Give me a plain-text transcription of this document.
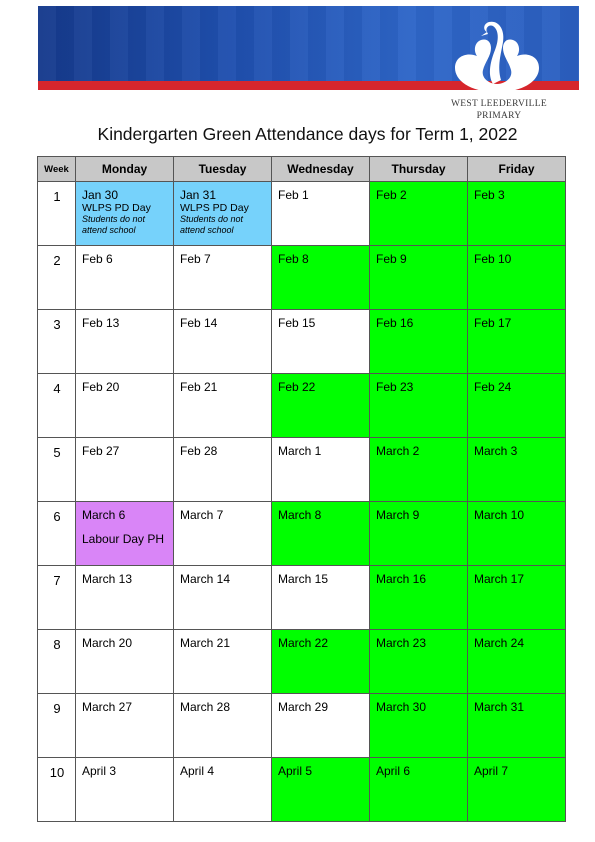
WEST LEEDERVILLE
PRIMARY
Kindergarten Green Attendance days for Term 1, 2022
Week	Monday	Tuesday	Wednesday	Thursday	Friday
1	Jan 30
WLPS PD Day
Students do not attend school	Jan 31
WLPS PD Day
Students do not attend school	Feb 1	Feb 2	Feb 3

2	Feb 6	Feb 7	Feb 8	Feb 9	Feb 10

3	Feb 13	Feb 14	Feb 15	Feb 16	Feb 17

4	Feb 20	Feb 21	Feb 22	Feb 23	Feb 24

5	Feb 27	Feb 28	March 1	March 2	March 3

6	March 6
Labour Day PH	March 7	March 8	March 9	March 10

7	March 13	March 14	March 15	March 16	March 17

8	March 20	March 21	March 22	March 23	March 24

9	March 27	March 28	March 29	March 30	March 31

10	April 3	April 4	April 5	April 6	April 7
